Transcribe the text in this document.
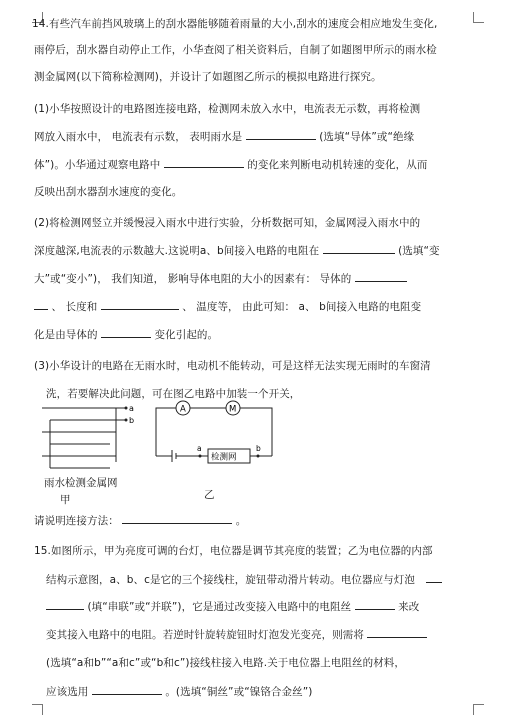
14.有些汽车前挡风玻璃上的刮水器能够随着雨量的大小,刮水的速度会相应地发生变化,
雨停后，刮水器自动停止工作，小华查阅了相关资料后，自制了如题图甲所示的雨水检
测金属网(以下简称检测网)，并设计了如题图乙所示的模拟电路进行探究。
(1)小华按照设计的电路图连接电路，检测网未放入水中，电流表无示数，再将检测
网放入雨水中， 电流表有示数， 表明雨水是	(选填“导体”或“绝缘
体”)。小华通过观察电路中	的变化来判断电动机转速的变化，从而
反映出刮水器刮水速度的变化。
(2)将检测网竖立并缓慢浸入雨水中进行实验，分析数据可知，金属网浸入雨水中的
深度越深,电流表的示数越大.这说明a、b间接入电路的电阻在	(选填“变
大”或“变小”)， 我们知道， 影响导体电阻的大小的因素有： 导体的
、 长度和	、 温度等， 由此可知： a、 b间接入电路的电阻变
化是由导体的	变化引起的。
(3)小华设计的电路在无雨水时，电动机不能转动，可是这样无法实现无雨时的车窗清
洗，若要解决此问题，可在图乙电路中加装一个开关，
a
b
雨水检测金属网
甲
A	M
a	b
检测网
乙
请说明连接方法：	。
15.如图所示，甲为亮度可调的台灯，电位器是调节其亮度的装置；乙为电位器的内部
结构示意图，a、b、c是它的三个接线柱，旋钮带动滑片转动。电位器应与灯泡
(填“串联”或“并联”)，它是通过改变接入电路中的电阻丝	来改
变其接入电路中的电阻。若逆时针旋转旋钮时灯泡发光变亮，则需将
(选填“a和b”“a和c”或“b和c”)接线柱接入电路.关于电位器上电阻丝的材料，
应该选用	。(选填“铜丝”或“镍铬合金丝”)
